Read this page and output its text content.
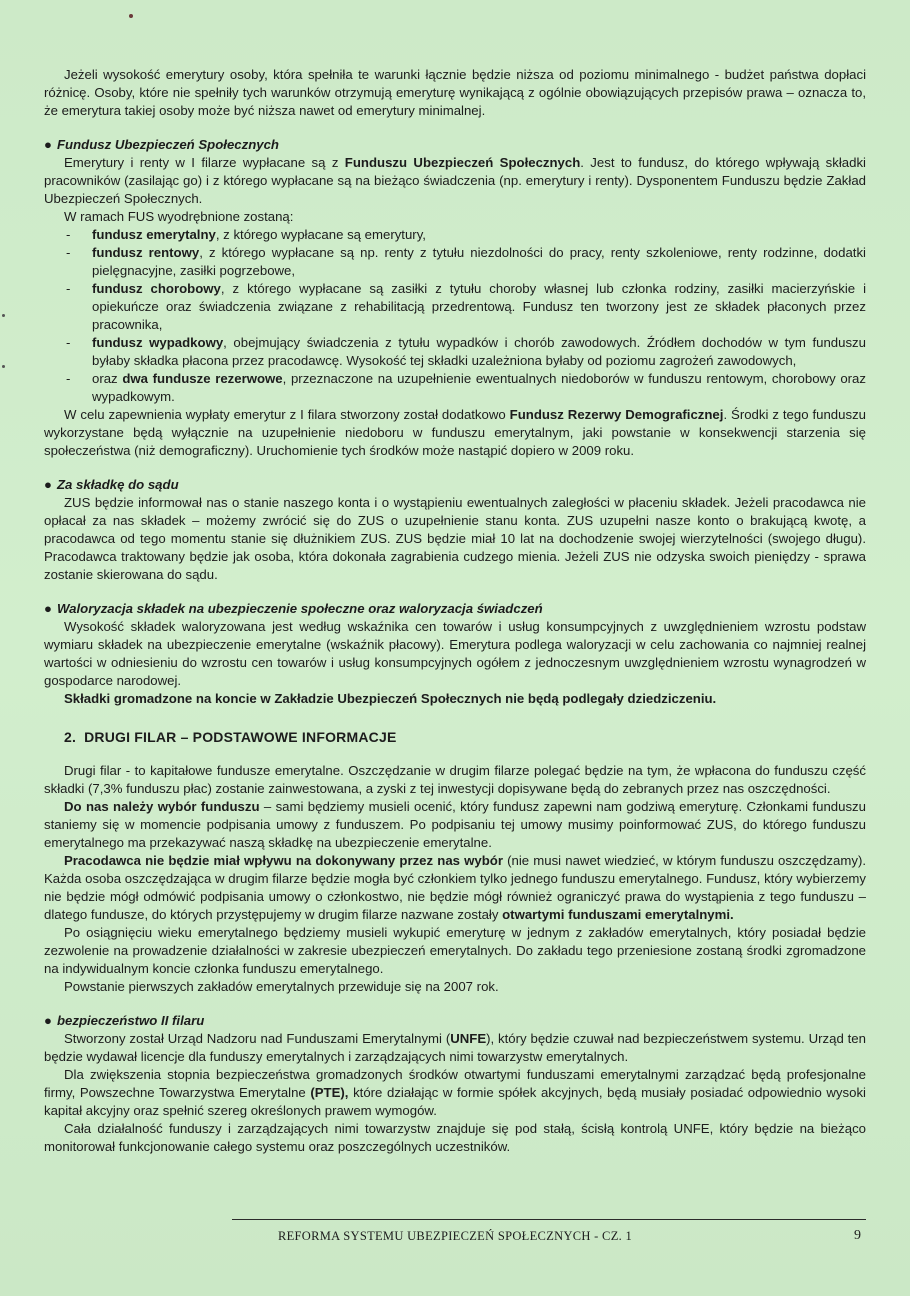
Jeżeli wysokość emerytury osoby, która spełniła te warunki łącznie będzie niższa od poziomu minimalnego - budżet państwa dopłaci różnicę. Osoby, które nie spełniły tych warunków otrzymują emeryturę wynikającą z ogólnie obowiązujących przepisów prawa – oznacza to, że emerytura takiej osoby może być niższa nawet od emerytury minimalnej.

● Fundusz Ubezpieczeń Społecznych

Emerytury i renty w I filarze wypłacane są z Funduszu Ubezpieczeń Społecznych. Jest to fundusz, do którego wpływają składki pracowników (zasilając go) i z którego wypłacane są na bieżąco świadczenia (np. emerytury i renty). Dysponentem Funduszu będzie Zakład Ubezpieczeń Społecznych.

W ramach FUS wyodrębnione zostaną:

- fundusz emerytalny, z którego wypłacane są emerytury,
- fundusz rentowy, z którego wypłacane są np. renty z tytułu niezdolności do pracy, renty szkoleniowe, renty rodzinne, dodatki pielęgnacyjne, zasiłki pogrzebowe,
- fundusz chorobowy, z którego wypłacane są zasiłki z tytułu choroby własnej lub członka rodziny, zasiłki macierzyńskie i opiekuńcze oraz świadczenia związane z rehabilitacją przedrentową. Fundusz ten tworzony jest ze składek płaconych przez pracownika,
- fundusz wypadkowy, obejmujący świadczenia z tytułu wypadków i chorób zawodowych. Źródłem dochodów w tym funduszu byłaby składka płacona przez pracodawcę. Wysokość tej składki uzależniona byłaby od poziomu zagrożeń zawodowych,
- oraz dwa fundusze rezerwowe, przeznaczone na uzupełnienie ewentualnych niedoborów w funduszu rentowym, chorobowy oraz wypadkowym.

W celu zapewnienia wypłaty emerytur z I filara stworzony został dodatkowo Fundusz Rezerwy Demograficznej. Środki z tego funduszu wykorzystane będą wyłącznie na uzupełnienie niedoboru w funduszu emerytalnym, jaki powstanie w konsekwencji starzenia się społeczeństwa (niż demograficzny). Uruchomienie tych środków może nastąpić dopiero w 2009 roku.

● Za składkę do sądu

ZUS będzie informował nas o stanie naszego konta i o wystąpieniu ewentualnych zaległości w płaceniu składek. Jeżeli pracodawca nie opłacał za nas składek – możemy zwrócić się do ZUS o uzupełnienie stanu konta. ZUS uzupełni nasze konto o brakującą kwotę, a pracodawca od tego momentu stanie się dłużnikiem ZUS. ZUS będzie miał 10 lat na dochodzenie swojej wierzytelności (swojego długu). Pracodawca traktowany będzie jak osoba, która dokonała zagrabienia cudzego mienia. Jeżeli ZUS nie odzyska swoich pieniędzy - sprawa zostanie skierowana do sądu.

● Waloryzacja składek na ubezpieczenie społeczne oraz waloryzacja świadczeń

Wysokość składek waloryzowana jest według wskaźnika cen towarów i usług konsumpcyjnych z uwzględnieniem wzrostu podstaw wymiaru składek na ubezpieczenie emerytalne (wskaźnik płacowy). Emerytura podlega waloryzacji w celu zachowania co najmniej realnej wartości w odniesieniu do wzrostu cen towarów i usług konsumpcyjnych ogółem z jednoczesnym uwzględnieniem wzrostu wynagrodzeń w gospodarce narodowej.

Składki gromadzone na koncie w Zakładzie Ubezpieczeń Społecznych nie będą podlegały dziedziczeniu.

2. DRUGI FILAR – PODSTAWOWE INFORMACJE

Drugi filar - to kapitałowe fundusze emerytalne. Oszczędzanie w drugim filarze polegać będzie na tym, że wpłacona do funduszu część składki (7,3% funduszu płac) zostanie zainwestowana, a zyski z tej inwestycji dopisywane będą do zebranych przez nas oszczędności.

Do nas należy wybór funduszu – sami będziemy musieli ocenić, który fundusz zapewni nam godziwą emeryturę. Członkami funduszu staniemy się w momencie podpisania umowy z funduszem. Po podpisaniu tej umowy musimy poinformować ZUS, do którego funduszu emerytalnego ma przekazywać naszą składkę na ubezpieczenie emerytalne.

Pracodawca nie będzie miał wpływu na dokonywany przez nas wybór (nie musi nawet wiedzieć, w którym funduszu oszczędzamy). Każda osoba oszczędzająca w drugim filarze będzie mogła być członkiem tylko jednego funduszu emerytalnego. Fundusz, który wybierzemy nie będzie mógł odmówić podpisania umowy o członkostwo, nie będzie mógł również ograniczyć prawa do wystąpienia z tego funduszu – dlatego fundusze, do których przystępujemy w drugim filarze nazwane zostały otwartymi funduszami emerytalnymi.

Po osiągnięciu wieku emerytalnego będziemy musieli wykupić emeryturę w jednym z zakładów emerytalnych, który posiadał będzie zezwolenie na prowadzenie działalności w zakresie ubezpieczeń emerytalnych. Do zakładu tego przeniesione zostaną środki zgromadzone na indywidualnym koncie członka funduszu emerytalnego.

Powstanie pierwszych zakładów emerytalnych przewiduje się na 2007 rok.

● bezpieczeństwo II filaru

Stworzony został Urząd Nadzoru nad Funduszami Emerytalnymi (UNFE), który będzie czuwał nad bezpieczeństwem systemu. Urząd ten będzie wydawał licencje dla funduszy emerytalnych i zarządzających nimi towarzystw emerytalnych.

Dla zwiększenia stopnia bezpieczeństwa gromadzonych środków otwartymi funduszami emerytalnymi zarządzać będą profesjonalne firmy, Powszechne Towarzystwa Emerytalne (PTE), które działając w formie spółek akcyjnych, będą musiały posiadać odpowiednio wysoki kapitał akcyjny oraz spełnić szereg określonych prawem wymogów.

Cała działalność funduszy i zarządzających nimi towarzystw znajduje się pod stałą, ścisłą kontrolą UNFE, który będzie na bieżąco monitorował funkcjonowanie całego systemu oraz poszczególnych uczestników.

REFORMA SYSTEMU UBEZPIECZEŃ SPOŁECZNYCH - CZ. 1	9
